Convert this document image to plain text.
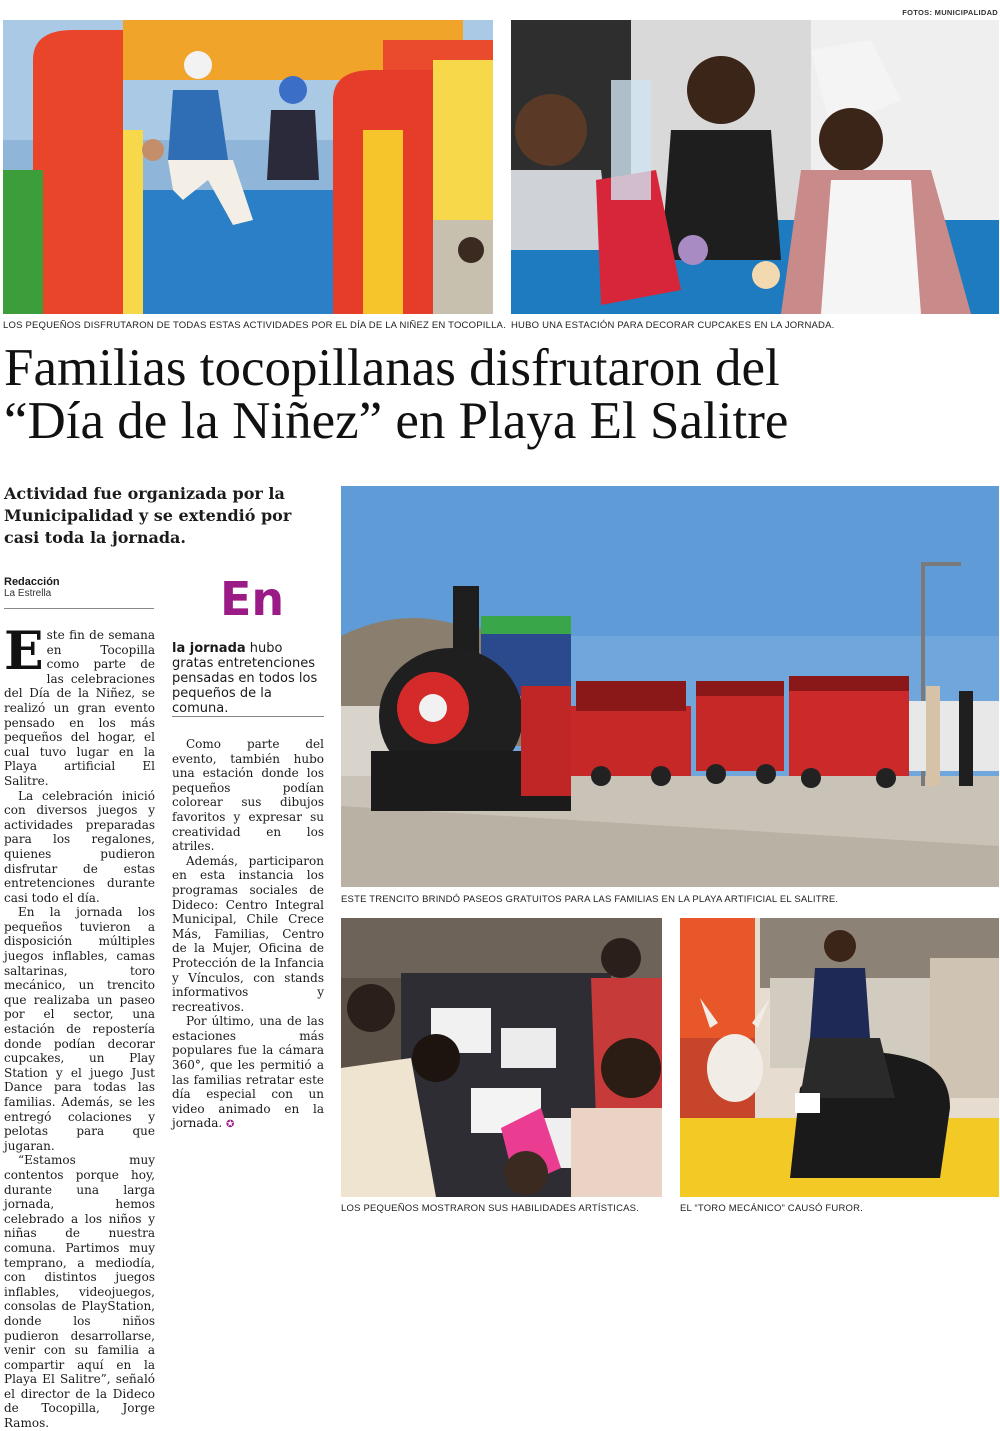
FOTOS: MUNICIPALIDAD
LOS PEQUEÑOS DISFRUTARON DE TODAS ESTAS ACTIVIDADES POR EL DÍA DE LA NIÑEZ EN TOCOPILLA. HUBO UNA ESTACIÓN PARA DECORAR CUPCAKES EN LA JORNADA.
Familias tocopillanas disfrutaron del
“Día de la Niñez” en Playa El Salitre
Actividad fue organizada por la Municipalidad y se extendió por casi toda la jornada.
Redacción
La Estrella

Este fin de semana en Tocopilla como parte de las celebraciones del Día de la Niñez, se realizó un gran evento pensado en los más pequeños del hogar, el cual tuvo lugar en la Playa artificial El Salitre.

La celebración inició con diversos juegos y actividades preparadas para los regalones, quienes pudieron disfrutar de estas entretenciones durante casi todo el día.

En la jornada los pequeños tuvieron a disposición múltiples juegos inflables, camas saltarinas, toro mecánico, un trencito que realizaba un paseo por el sector, una estación de repostería donde podían decorar cupcakes, un Play Station y el juego Just Dance para todas las familias. Además, se les entregó colaciones y pelotas para que jugaran.

“Estamos muy contentos porque hoy, durante una larga jornada, hemos celebrado a los niños y niñas de nuestra comuna. Partimos muy temprano, a mediodía, con distintos juegos inflables, videojuegos, consolas de PlayStation, donde los niños pudieron desarrollarse, venir con su familia a compartir aquí en la Playa El Salitre”, señaló el director de la Dideco de Tocopilla, Jorge Ramos.

En
la jornada hubo gratas entretenciones pensadas en todos los pequeños de la comuna.

Como parte del evento, también hubo una estación donde los pequeños podían colorear sus dibujos favoritos y expresar su creatividad en los atriles.

Además, participaron en esta instancia los programas sociales de Dideco: Centro Integral Municipal, Chile Crece Más, Familias, Centro de la Mujer, Oficina de Protección de la Infancia y Vínculos, con stands informativos y recreativos.

Por último, una de las estaciones más populares fue la cámara 360°, que les permitió a las familias retratar este día especial con un video animado en la jornada. ✪

ESTE TRENCITO BRINDÓ PASEOS GRATUITOS PARA LAS FAMILIAS EN LA PLAYA ARTIFICIAL EL SALITRE.
LOS PEQUEÑOS MOSTRARON SUS HABILIDADES ARTÍSTICAS.	EL “TORO MECÁNICO” CAUSÓ FUROR.
